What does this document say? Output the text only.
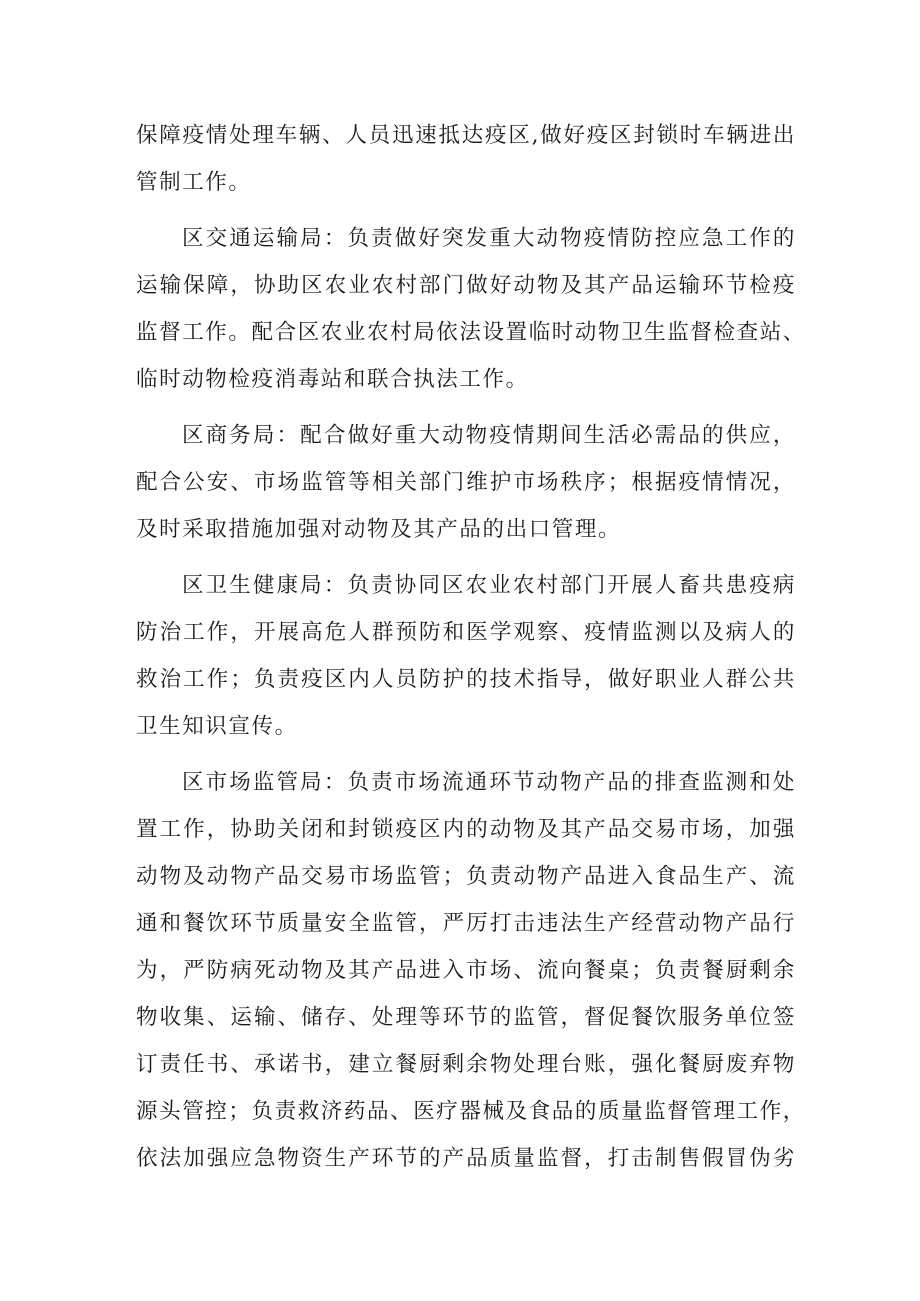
保障疫情处理车辆、人员迅速抵达疫区,做好疫区封锁时车辆进出
管制工作。
区交通运输局：负责做好突发重大动物疫情防控应急工作的
运输保障，协助区农业农村部门做好动物及其产品运输环节检疫
监督工作。配合区农业农村局依法设置临时动物卫生监督检查站、
临时动物检疫消毒站和联合执法工作。
区商务局：配合做好重大动物疫情期间生活必需品的供应，
配合公安、市场监管等相关部门维护市场秩序；根据疫情情况，
及时采取措施加强对动物及其产品的出口管理。
区卫生健康局：负责协同区农业农村部门开展人畜共患疫病
防治工作，开展高危人群预防和医学观察、疫情监测以及病人的
救治工作；负责疫区内人员防护的技术指导，做好职业人群公共
卫生知识宣传。
区市场监管局：负责市场流通环节动物产品的排查监测和处
置工作，协助关闭和封锁疫区内的动物及其产品交易市场，加强
动物及动物产品交易市场监管；负责动物产品进入食品生产、流
通和餐饮环节质量安全监管，严厉打击违法生产经营动物产品行
为，严防病死动物及其产品进入市场、流向餐桌；负责餐厨剩余
物收集、运输、储存、处理等环节的监管，督促餐饮服务单位签
订责任书、承诺书，建立餐厨剩余物处理台账，强化餐厨废弃物
源头管控；负责救济药品、医疗器械及食品的质量监督管理工作，
依法加强应急物资生产环节的产品质量监督，打击制售假冒伪劣
